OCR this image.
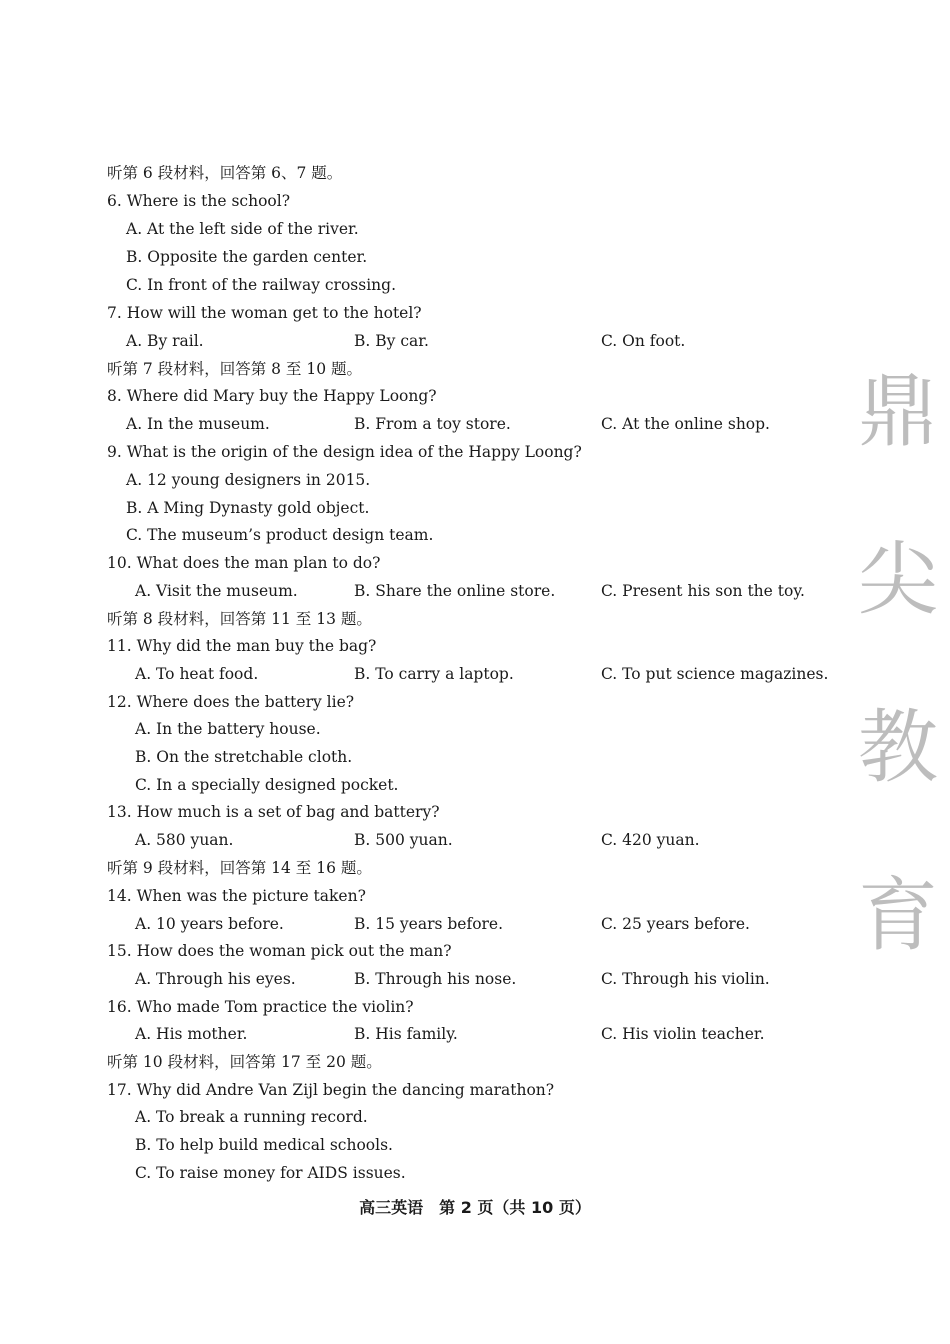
听第 6 段材料，回答第 6、7 题。
6. Where is the school?
A. At the left side of the river.
B. Opposite the garden center.
C. In front of the railway crossing.
7. How will the woman get to the hotel?
A. By rail.	B. By car.	C. On foot.
听第 7 段材料，回答第 8 至 10 题。
8. Where did Mary buy the Happy Loong?
A. In the museum.	B. From a toy store.	C. At the online shop.
9. What is the origin of the design idea of the Happy Loong?
A. 12 young designers in 2015.
B. A Ming Dynasty gold object.
C. The museum’s product design team.
10. What does the man plan to do?
A. Visit the museum.	B. Share the online store.	C. Present his son the toy.
听第 8 段材料，回答第 11 至 13 题。
11. Why did the man buy the bag?
A. To heat food.	B. To carry a laptop.	C. To put science magazines.
12. Where does the battery lie?
A. In the battery house.
B. On the stretchable cloth.
C. In a specially designed pocket.
13. How much is a set of bag and battery?
A. 580 yuan.	B. 500 yuan.	C. 420 yuan.
听第 9 段材料，回答第 14 至 16 题。
14. When was the picture taken?
A. 10 years before.	B. 15 years before.	C. 25 years before.
15. How does the woman pick out the man?
A. Through his eyes.	B. Through his nose.	C. Through his violin.
16. Who made Tom practice the violin?
A. His mother.	B. His family.	C. His violin teacher.
听第 10 段材料，回答第 17 至 20 题。
17. Why did Andre Van Zijl begin the dancing marathon?
A. To break a running record.
B. To help build medical schools.
C. To raise money for AIDS issues.
鼎
尖
教
育
高三英语　第 2 页（共 10 页）
